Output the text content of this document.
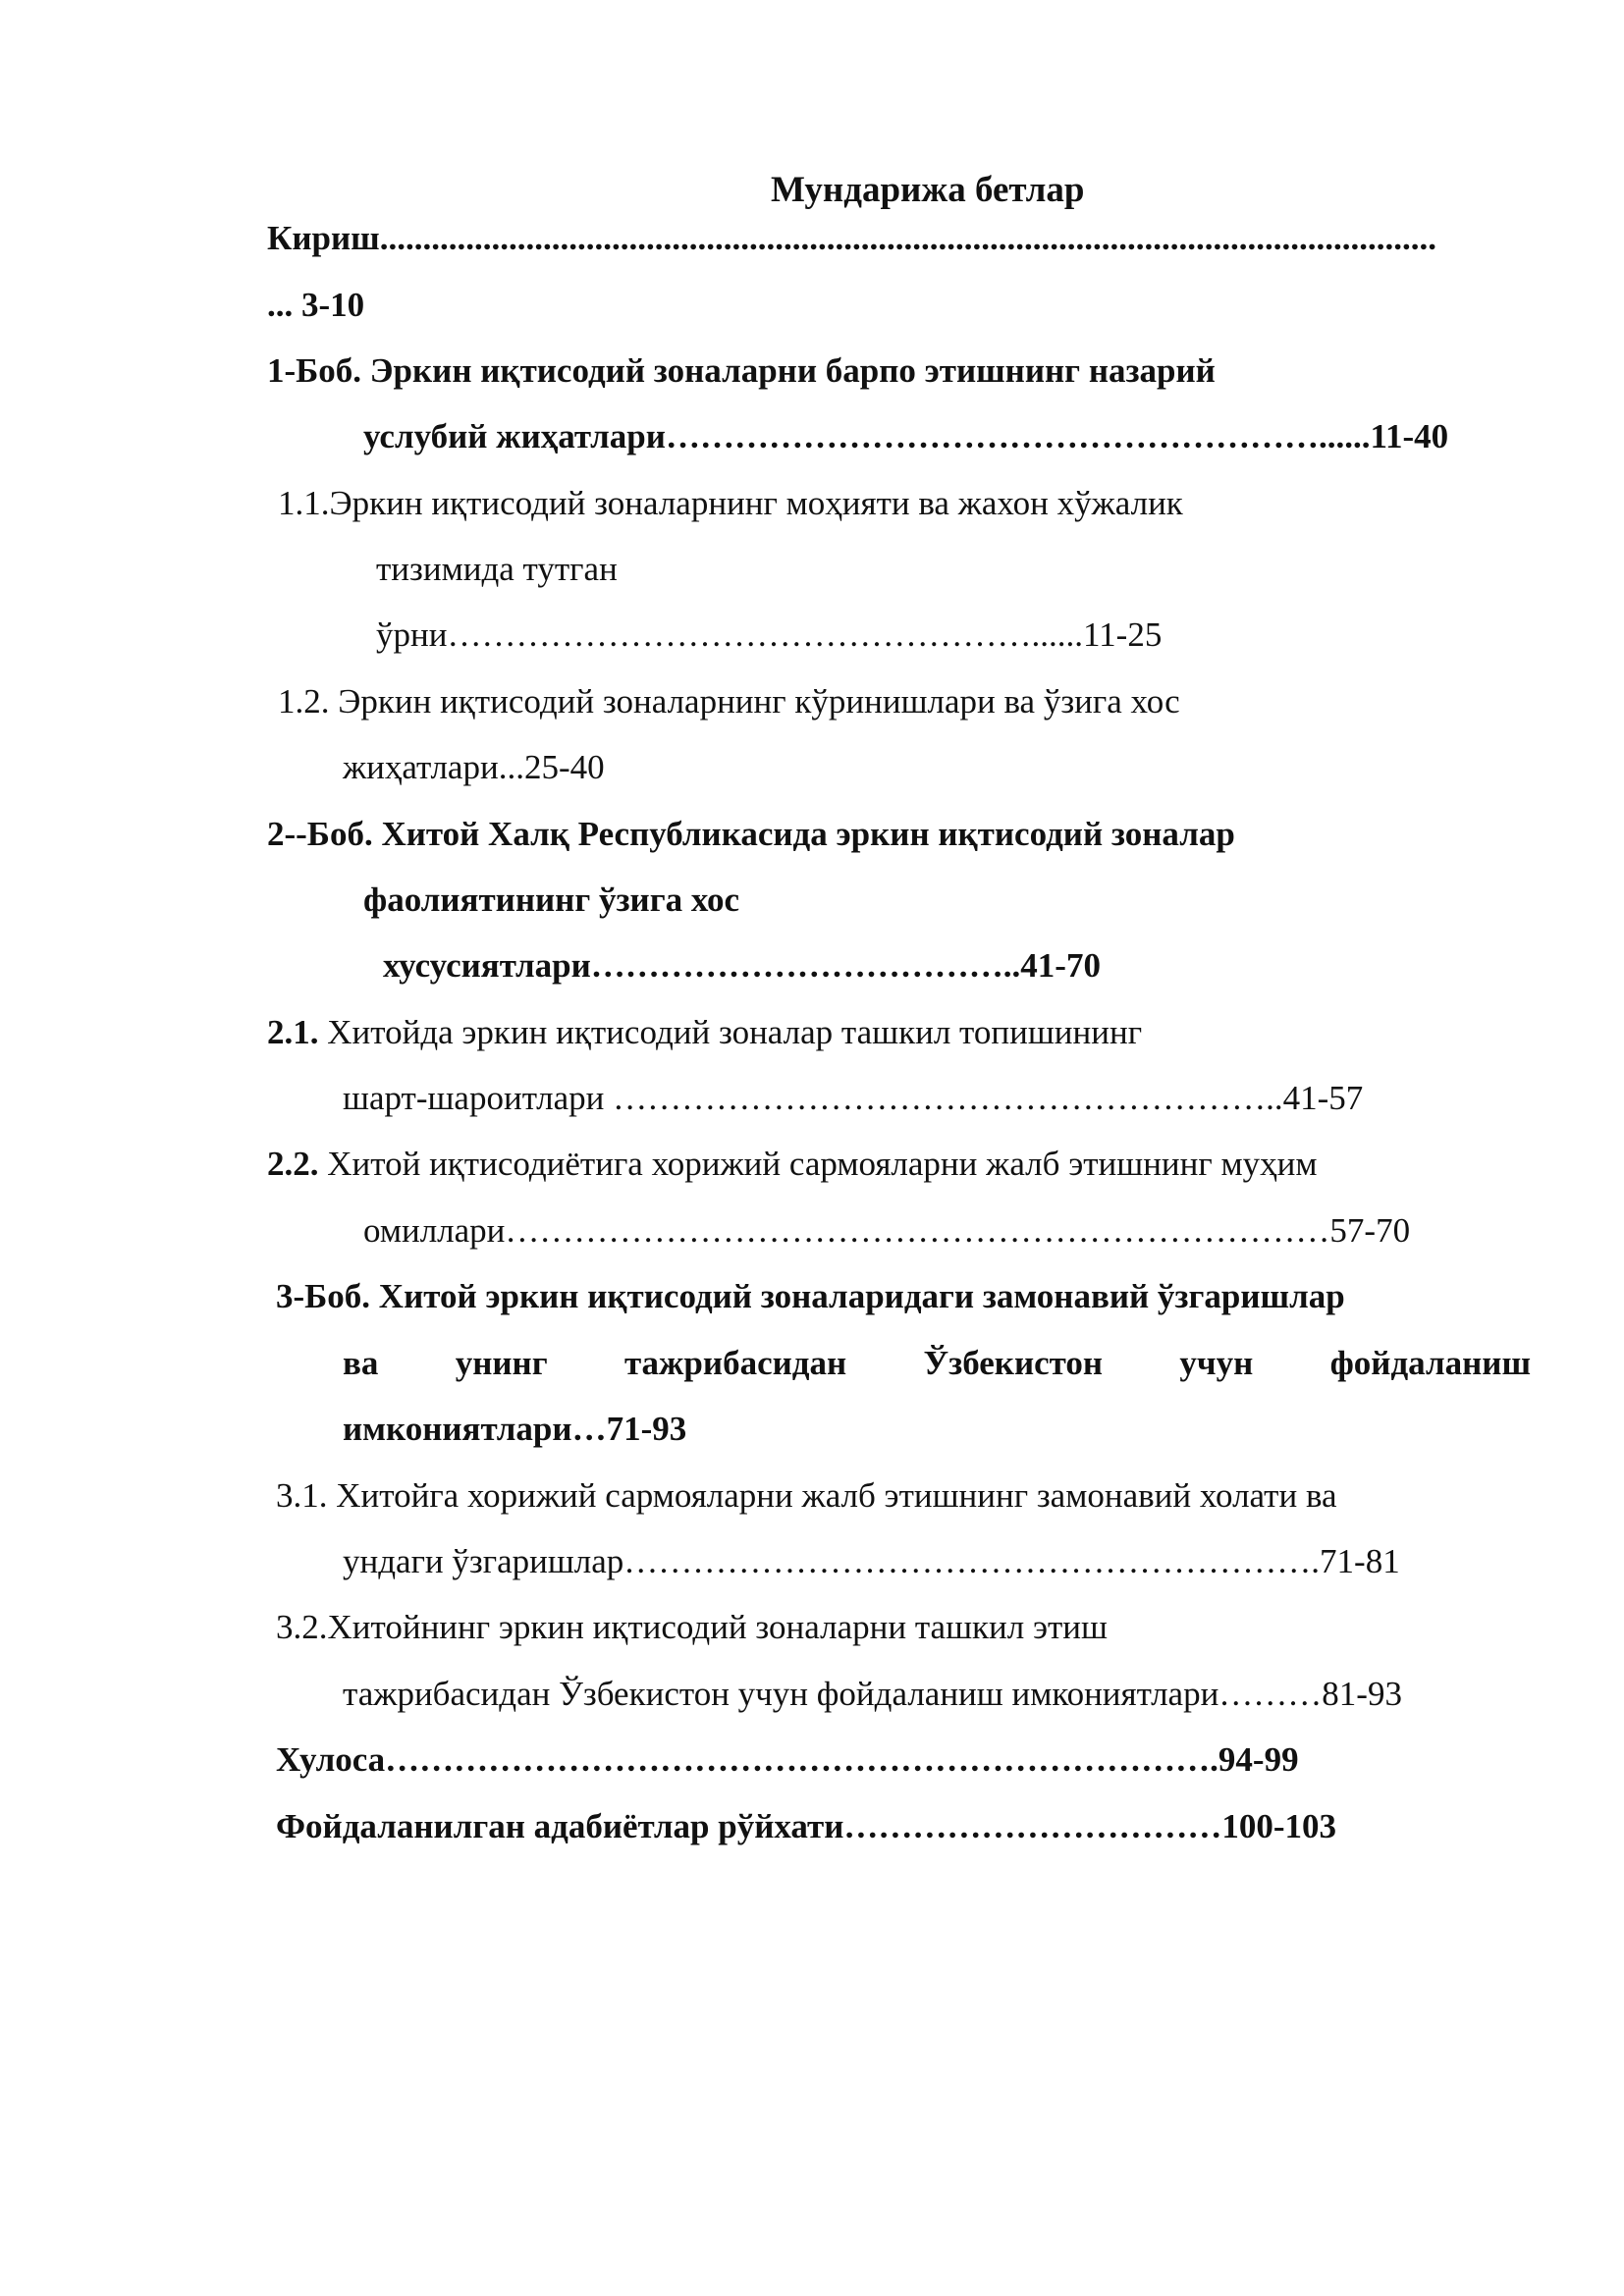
Мундарижа бетлар
Кириш...........................................................................................................................
... 3-10
1-Боб. Эркин иқтисодий зоналарни барпо этишнинг назарий
услубий жиҳатлари…………………………………………………......11-40
1.1.Эркин иқтисодий зоналарнинг моҳияти ва жахон хўжалик
тизимида тутган
ўрни……………………………………………......11-25
1.2. Эркин иқтисодий зоналарнинг кўринишлари ва ўзига хос
жиҳатлари...25-40
2--Боб. Хитой Халқ Республикасида эркин иқтисодий зоналар
фаолиятининг ўзига хос
хусусиятлари………………………………..41-70
2.1. Хитойда эркин иқтисодий зоналар ташкил топишининг
шарт-шароитлари …………………………………………………..41-57
2.2. Хитой иқтисодиётига хорижий сармояларни жалб этишнинг муҳим
омиллари………………………………………………………………57-70
3-Боб. Хитой эркин иқтисодий зоналаридаги замонавий ўзгаришлар
ва унинг тажрибасидан Ўзбекистон учун фойдаланиш
имкониятлари…71-93
3.1. Хитойга хорижий сармояларни жалб этишнинг замонавий холати ва
ундаги ўзгаришлар…………………………………………………….71-81
3.2.Хитойнинг эркин иқтисодий зоналарни ташкил этиш
тажрибасидан Ўзбекистон учун фойдаланиш имкониятлари………81-93
Хулоса……………………………………………………………….94-99
Фойдаланилган адабиётлар рўйхати……………………………100-103
